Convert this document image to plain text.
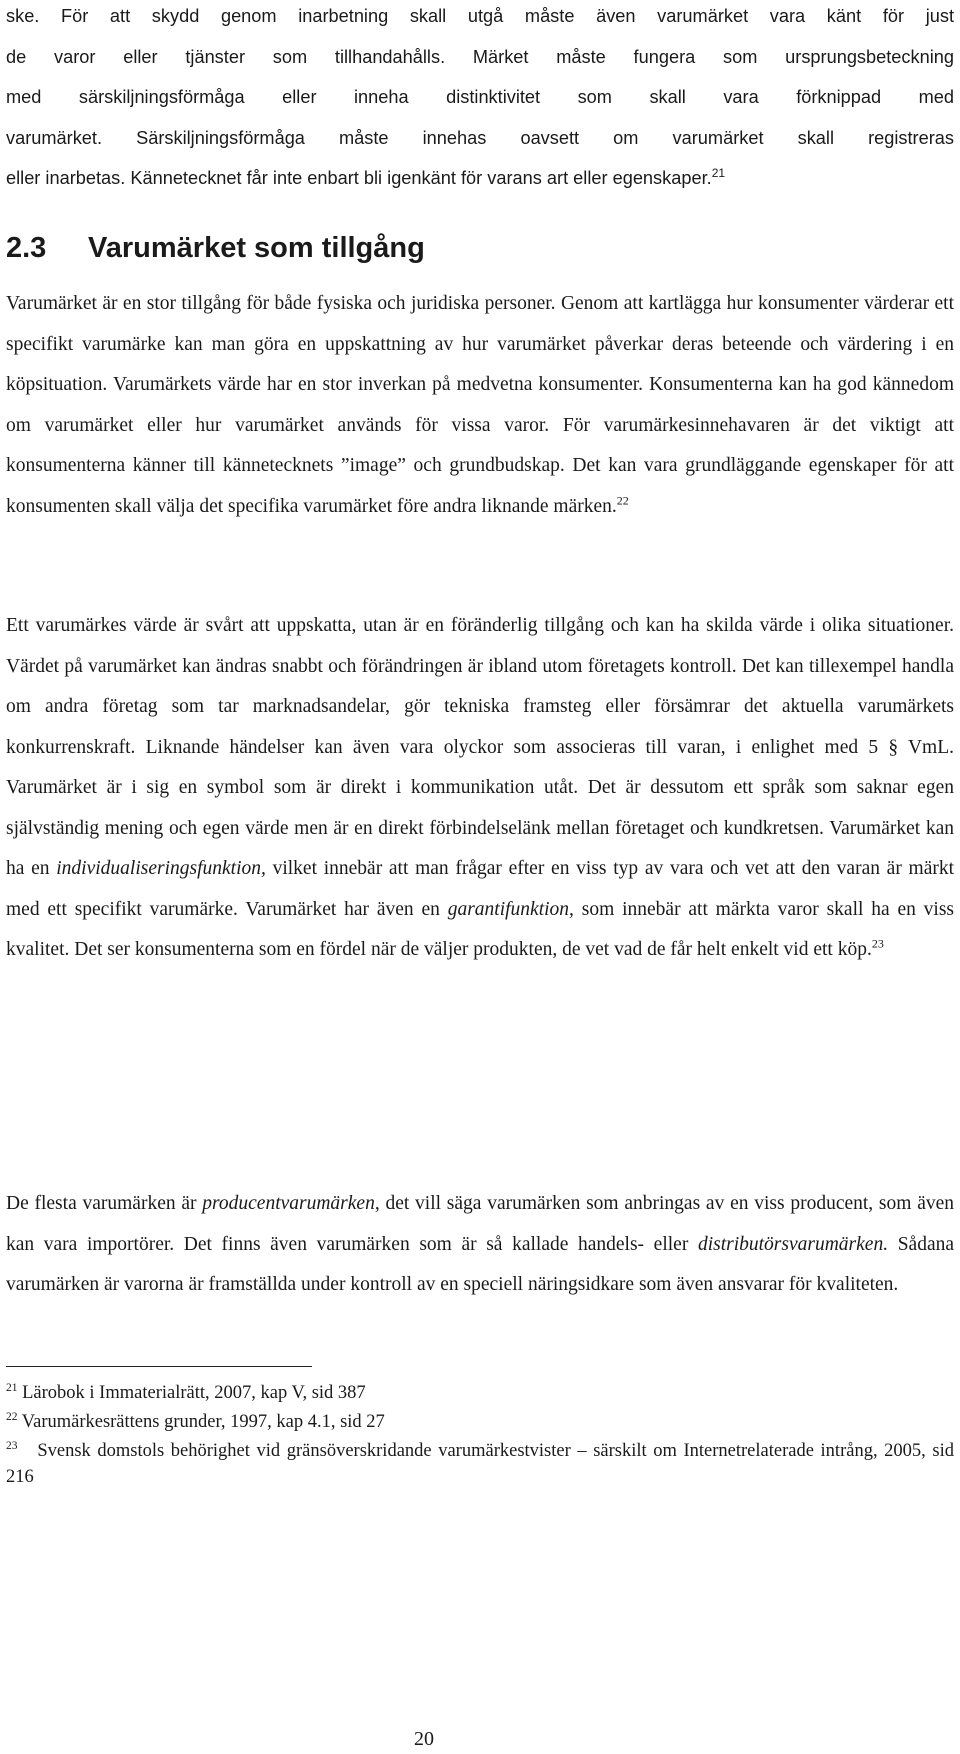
ske. För att skydd genom inarbetning skall utgå måste även varumärket vara känt för just

de varor eller tjänster som tillhandahålls. Märket måste fungera som ursprungsbeteckning

med särskiljningsförmåga eller inneha distinktivitet som skall vara förknippad med

varumärket. Särskiljningsförmåga måste innehas oavsett om varumärket skall registreras

eller inarbetas. Kännetecknet får inte enbart bli igenkänt för varans art eller egenskaper.$^{21}$

2.3 Varumärket som tillgång

Varumärket är en stor tillgång för både fysiska och juridiska personer. Genom att kartlägga hur konsumenter värderar ett specifikt varumärke kan man göra en uppskattning av hur varumärket påverkar deras beteende och värdering i en köpsituation. Varumärkets värde har en stor inverkan på medvetna konsumenter. Konsumenterna kan ha god kännedom om varumärket eller hur varumärket används för vissa varor. För varumärkesinnehavaren är det viktigt att konsumenterna känner till kännetecknets ”image” och grundbudskap. Det kan vara grundläggande egenskaper för att konsumenten skall välja det specifika varumärket före andra liknande märken.$^{22}$

Ett varumärkes värde är svårt att uppskatta, utan är en föränderlig tillgång och kan ha skilda värde i olika situationer. Värdet på varumärket kan ändras snabbt och förändringen är ibland utom företagets kontroll. Det kan tillexempel handla om andra företag som tar marknadsandelar, gör tekniska framsteg eller försämrar det aktuella varumärkets konkurrenskraft. Liknande händelser kan även vara olyckor som associeras till varan, i enlighet med 5 § VmL. Varumärket är i sig en symbol som är direkt i kommunikation utåt. Det är dessutom ett språk som saknar egen självständig mening och egen värde men är en direkt förbindelselänk mellan företaget och kundkretsen. Varumärket kan ha en individualiseringsfunktion, vilket innebär att man frågar efter en viss typ av vara och vet att den varan är märkt med ett specifikt varumärke. Varumärket har även en garantifunktion, som innebär att märkta varor skall ha en viss kvalitet. Det ser konsumenterna som en fördel när de väljer produkten, de vet vad de får helt enkelt vid ett köp.$^{23}$

De flesta varumärken är producentvarumärken, det vill säga varumärken som anbringas av en viss producent, som även kan vara importörer. Det finns även varumärken som är så kallade handels- eller distributörsvarumärken. Sådana varumärken är varorna är framställda under kontroll av en speciell näringsidkare som även ansvarar för kvaliteten.

$^{21}$ Lärobok i Immaterialrätt, 2007, kap V, sid 387

$^{22}$ Varumärkesrättens grunder, 1997, kap 4.1, sid 27

$^{23}$ Svensk domstols behörighet vid gränsöverskridande varumärkestvister – särskilt om Internetrelaterade intrång, 2005, sid 216

20
